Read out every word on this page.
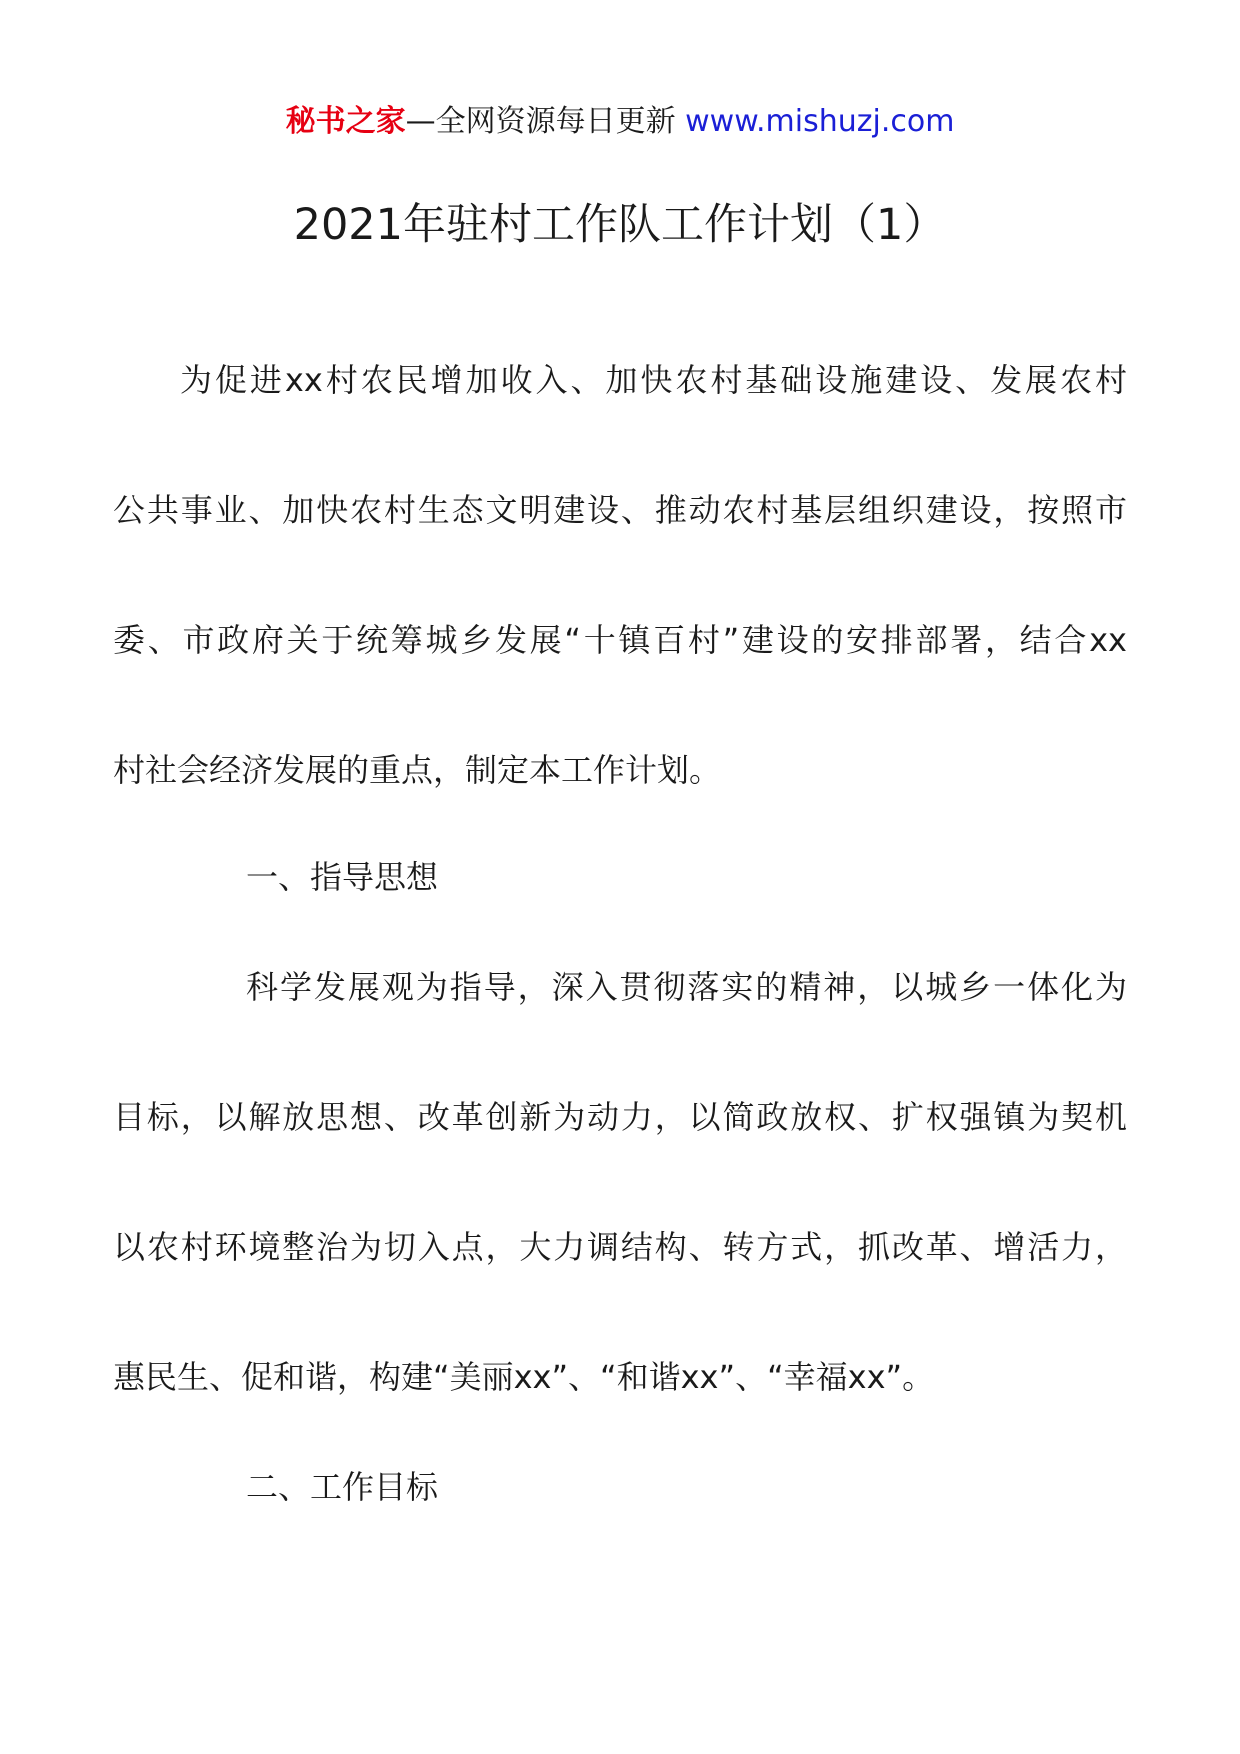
秘书之家—全网资源每日更新 www.mishuzj.com
2021年驻村工作队工作计划（1）
为促进xx村农民增加收入、加快农村基础设施建设、发展农村
公共事业、加快农村生态文明建设、推动农村基层组织建设，按照市
委、市政府关于统筹城乡发展“十镇百村”建设的安排部署，结合xx
村社会经济发展的重点，制定本工作计划。
一、指导思想
科学发展观为指导，深入贯彻落实的精神，以城乡一体化为
目标，以解放思想、改革创新为动力，以简政放权、扩权强镇为契机
以农村环境整治为切入点，大力调结构、转方式，抓改革、增活力，
惠民生、促和谐，构建“美丽xx”、“和谐xx”、“幸福xx”。
二、工作目标
